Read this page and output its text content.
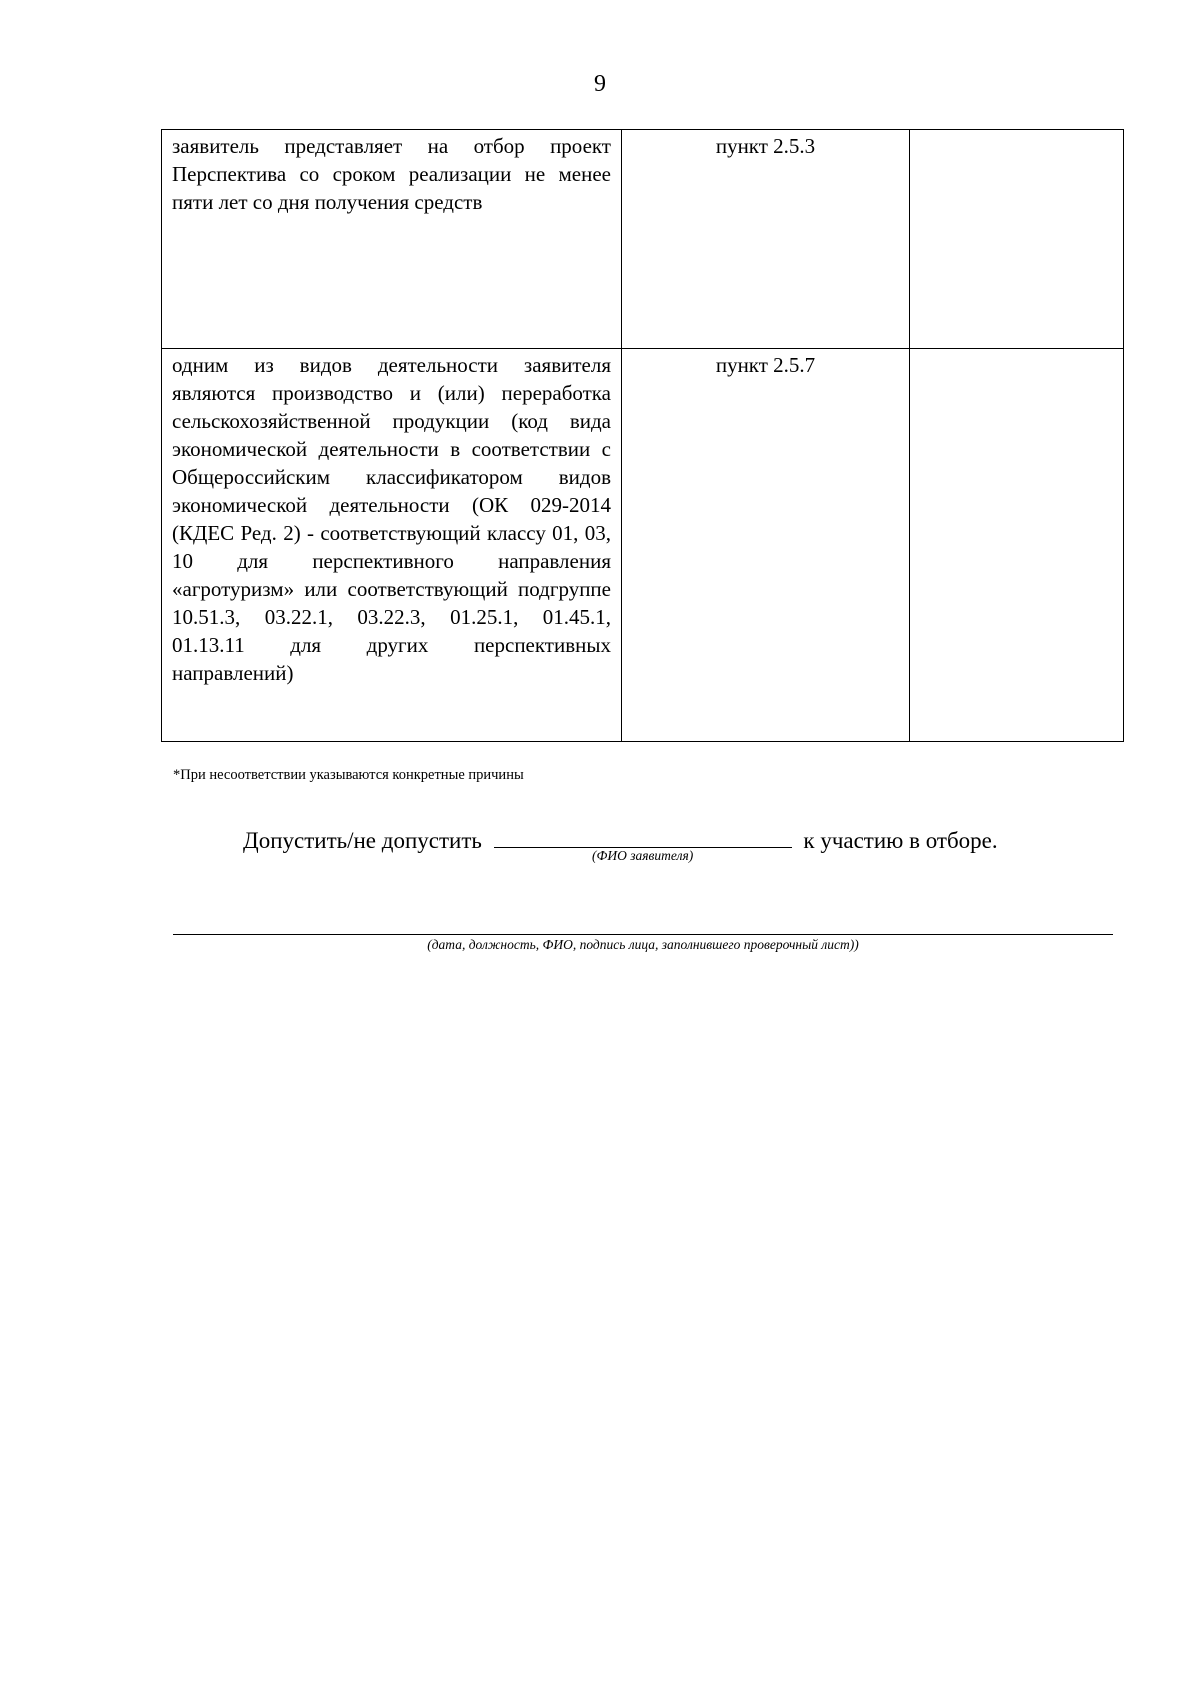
9
заявитель представляет на отбор проект Перспектива со сроком реализации не менее пяти лет со дня получения средств	пункт 2.5.3	
одним из видов деятельности заявителя являются производство и (или) переработка сельскохозяйственной продукции (код вида экономической деятельности в соответствии с Общероссийским классификатором видов экономической деятельности (ОК 029-2014 (КДЕС Ред. 2) - соответствующий классу 01, 03, 10 для перспективного направления «агротуризм» или соответствующий подгруппе 10.51.3, 03.22.1, 03.22.3, 01.25.1, 01.45.1, 01.13.11 для других перспективных направлений)	пункт 2.5.7	
*При несоответствии указываются конкретные причины
Допустить/не допустить
(ФИО заявителя)
к участию в отборе.
(дата, должность, ФИО, подпись лица, заполнившего проверочный лист))
